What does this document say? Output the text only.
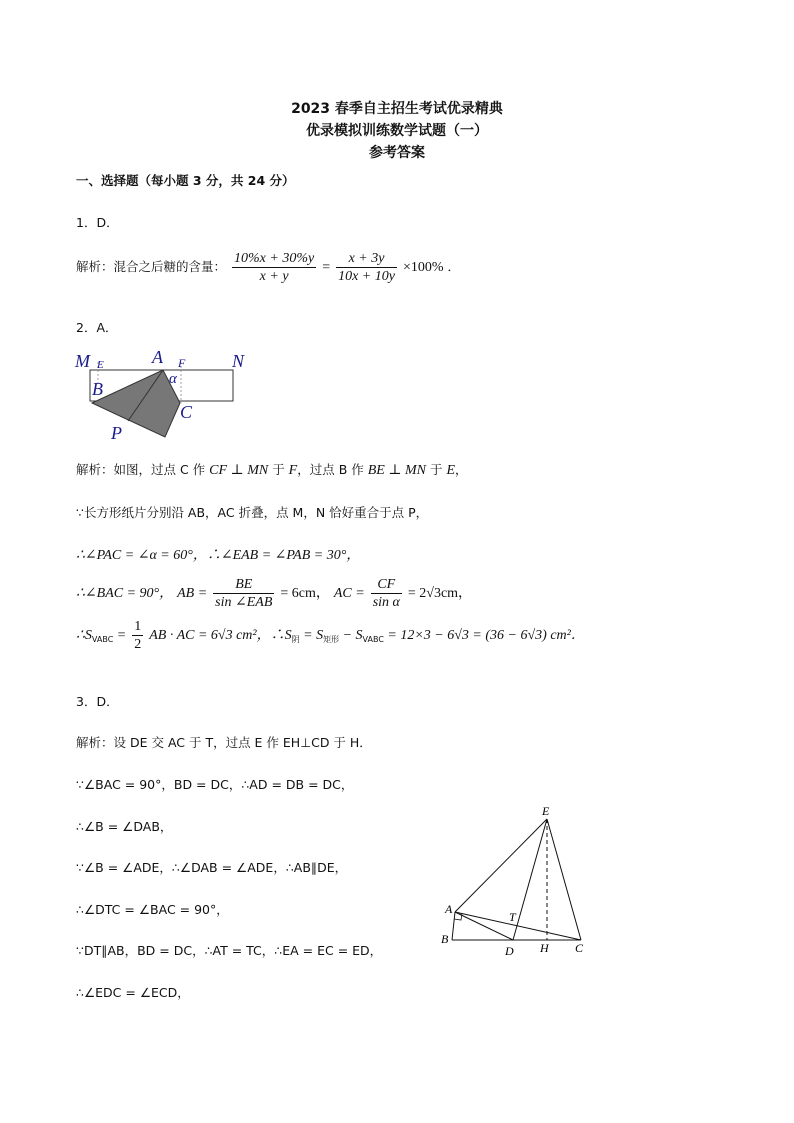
2023 春季自主招生考试优录精典
优录模拟训练数学试题（一）
参考答案
一、选择题（每小题 3 分，共 24 分）
1．D．
解析：混合之后糖的含量： $\frac{10\%x + 30\%y}{x + y} = \frac{x + 3y}{10x + 10y} \times 100\%$ ．
2．A．
M E	A F	N
α
B
C
P
解析：如图，过点 C 作 CF ⊥ MN 于 F，过点 B 作 BE ⊥ MN 于 E，
∵长方形纸片分别沿 AB，AC 折叠，点 M，N 恰好重合于点 P，
∴∠PAC = ∠α = 60°，∴∠EAB = ∠PAB = 30°，
∴∠BAC = 90°， AB = $\frac{BE}{\text{sin ∠EAB}} = 6cm$， AC = $\frac{CF}{\text{sin α}} = 2√3cm$，
$\therefore S_{VABC} = \frac{1}{2}$ AB · AC = 6√3 cm²，$\therefore S_阴 = S_{矩形} - S_{VABC} = 12\times 3 - 6√3 = (36 - 6√3)$ cm²．
3．D．
解析：设 DE 交 AC 于 T，过点 E 作 EH⊥CD 于 H．
∵∠BAC = 90°，BD = DC，∴AD = DB = DC，
∴∠B = ∠DAB，
∵∠B = ∠ADE，∴∠DAB = ∠ADE，∴AB∥DE，
∴∠DTC = ∠BAC = 90°，
∵DT∥AB，BD = DC，∴AT = TC，∴EA = EC = ED，
∴∠EDC = ∠ECD，
E
A
T
B
D H C
